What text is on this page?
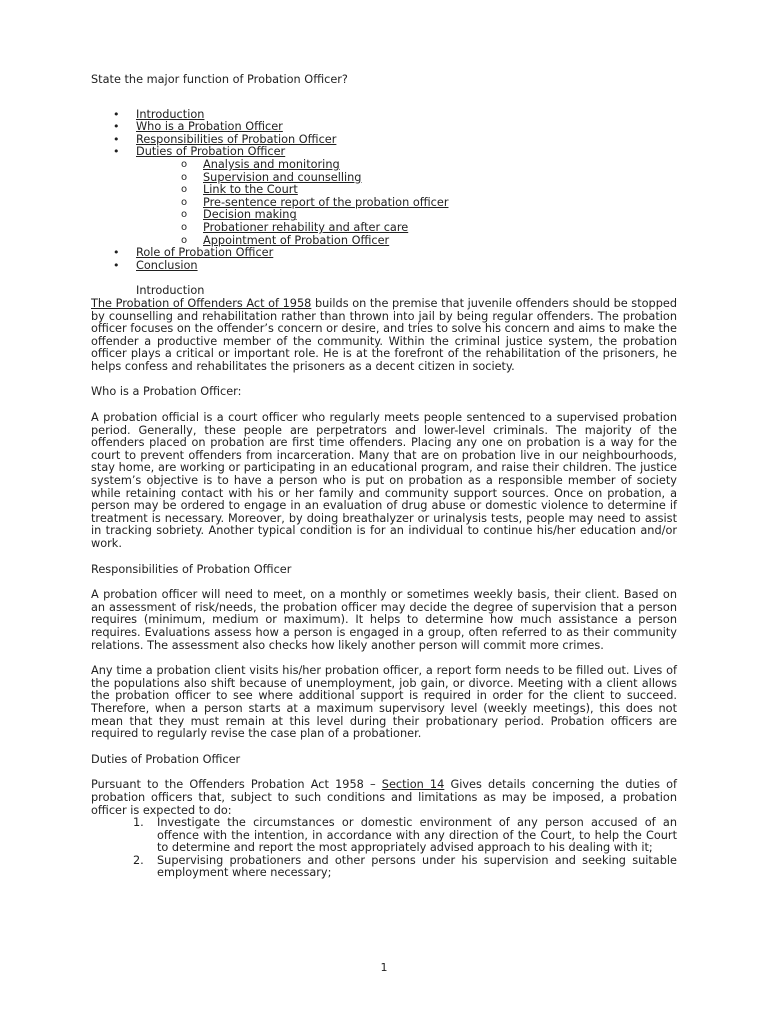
State the major function of Probation Officer?

• Introduction
• Who is a Probation Officer
• Responsibilities of Probation Officer
• Duties of Probation Officer
o Analysis and monitoring
o Supervision and counselling
o Link to the Court
o Pre-sentence report of the probation officer
o Decision making
o Probationer rehability and after care
o Appointment of Probation Officer
• Role of Probation Officer
• Conclusion

Introduction

The Probation of Offenders Act of 1958 builds on the premise that juvenile offenders should be stopped by counselling and rehabilitation rather than thrown into jail by being regular offenders. The probation officer focuses on the offender’s concern or desire, and tries to solve his concern and aims to make the offender a productive member of the community. Within the criminal justice system, the probation officer plays a critical or important role. He is at the forefront of the rehabilitation of the prisoners, he helps confess and rehabilitates the prisoners as a decent citizen in society.

Who is a Probation Officer:

A probation official is a court officer who regularly meets people sentenced to a supervised probation period. Generally, these people are perpetrators and lower-level criminals. The majority of the offenders placed on probation are first time offenders. Placing any one on probation is a way for the court to prevent offenders from incarceration. Many that are on probation live in our neighbourhoods, stay home, are working or participating in an educational program, and raise their children. The justice system’s objective is to have a person who is put on probation as a responsible member of society while retaining contact with his or her family and community support sources. Once on probation, a person may be ordered to engage in an evaluation of drug abuse or domestic violence to determine if treatment is necessary. Moreover, by doing breathalyzer or urinalysis tests, people may need to assist in tracking sobriety. Another typical condition is for an individual to continue his/her education and/or work.

Responsibilities of Probation Officer

A probation officer will need to meet, on a monthly or sometimes weekly basis, their client. Based on an assessment of risk/needs, the probation officer may decide the degree of supervision that a person requires (minimum, medium or maximum). It helps to determine how much assistance a person requires. Evaluations assess how a person is engaged in a group, often referred to as their community relations. The assessment also checks how likely another person will commit more crimes.

Any time a probation client visits his/her probation officer, a report form needs to be filled out. Lives of the populations also shift because of unemployment, job gain, or divorce. Meeting with a client allows the probation officer to see where additional support is required in order for the client to succeed. Therefore, when a person starts at a maximum supervisory level (weekly meetings), this does not mean that they must remain at this level during their probationary period. Probation officers are required to regularly revise the case plan of a probationer.

Duties of Probation Officer

Pursuant to the Offenders Probation Act 1958 – Section 14 Gives details concerning the duties of probation officers that, subject to such conditions and limitations as may be imposed, a probation officer is expected to do:

1. Investigate the circumstances or domestic environment of any person accused of an offence with the intention, in accordance with any direction of the Court, to help the Court to determine and report the most appropriately advised approach to his dealing with it;
2. Supervising probationers and other persons under his supervision and seeking suitable employment where necessary;
1
